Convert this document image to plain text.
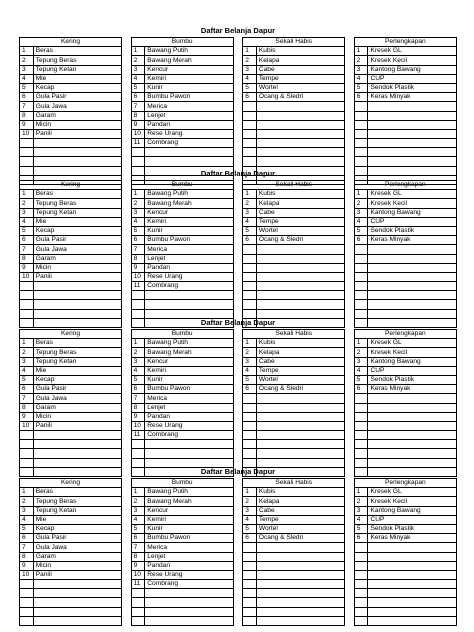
Daftar Belanja Dapur
Kering			Bumbu			Sekali Habis			Perlengkapan	
1	Beras		1	Bawang Putih		1	Kubis		1	Kresek GL
2	Tepung Beras		2	Bawang Merah		2	Kelapa		2	Kresek Kecil
3	Tepung Ketan		3	Kencur		3	Cabe		3	Kantong Bawang
4	Mie		4	Kemiri		4	Tempe		4	CUP
5	Kecap		5	Kunir		5	Wortel		5	Sendok Plastik
6	Gula Pasir		6	Bumbu Pawon		6	Ocang & Sledri		6	Keras Minyak
7	Gula Jawa		7	Merica						
8	Garam		8	Lenjet						
9	Micin		9	Pandan						
10	Panili		10	Rese Urang						
			11	Combrang						

Daftar Belanja Dapur
Kering			Bumbu			Sekali Habis			Perlengkapan	
1	Beras		1	Bawang Putih		1	Kubis		1	Kresek GL
2	Tepung Beras		2	Bawang Merah		2	Kelapa		2	Kresek Kecil
3	Tepung Ketan		3	Kencur		3	Cabe		3	Kantong Bawang
4	Mie		4	Kemiri		4	Tempe		4	CUP
5	Kecap		5	Kunir		5	Wortel		5	Sendok Plastik
6	Gula Pasir		6	Bumbu Pawon		6	Ocang & Sledri		6	Keras Minyak
7	Gula Jawa		7	Merica						
8	Garam		8	Lenjet						
9	Micin		9	Pandan						
10	Panili		10	Rese Urang						
			11	Combrang						

Daftar Belanja Dapur
Kering			Bumbu			Sekali Habis			Perlengkapan	
1	Beras		1	Bawang Putih		1	Kubis		1	Kresek GL
2	Tepung Beras		2	Bawang Merah		2	Kelapa		2	Kresek Kecil
3	Tepung Ketan		3	Kencur		3	Cabe		3	Kantong Bawang
4	Mie		4	Kemiri		4	Tempe		4	CUP
5	Kecap		5	Kunir		5	Wortel		5	Sendok Plastik
6	Gula Pasir		6	Bumbu Pawon		6	Ocang & Sledri		6	Keras Minyak
7	Gula Jawa		7	Merica						
8	Garam		8	Lenjet						
9	Micin		9	Pandan						
10	Panili		10	Rese Urang						
			11	Combrang						

Daftar Belanja Dapur
Kering			Bumbu			Sekali Habis			Perlengkapan	
1	Beras		1	Bawang Putih		1	Kubis		1	Kresek GL
2	Tepung Beras		2	Bawang Merah		2	Kelapa		2	Kresek Kecil
3	Tepung Ketan		3	Kencur		3	Cabe		3	Kantong Bawang
4	Mie		4	Kemiri		4	Tempe		4	CUP
5	Kecap		5	Kunir		5	Wortel		5	Sendok Plastik
6	Gula Pasir		6	Bumbu Pawon		6	Ocang & Sledri		6	Keras Minyak
7	Gula Jawa		7	Merica						
8	Garam		8	Lenjet						
9	Micin		9	Pandan						
10	Panili		10	Rese Urang						
			11	Combrang						
